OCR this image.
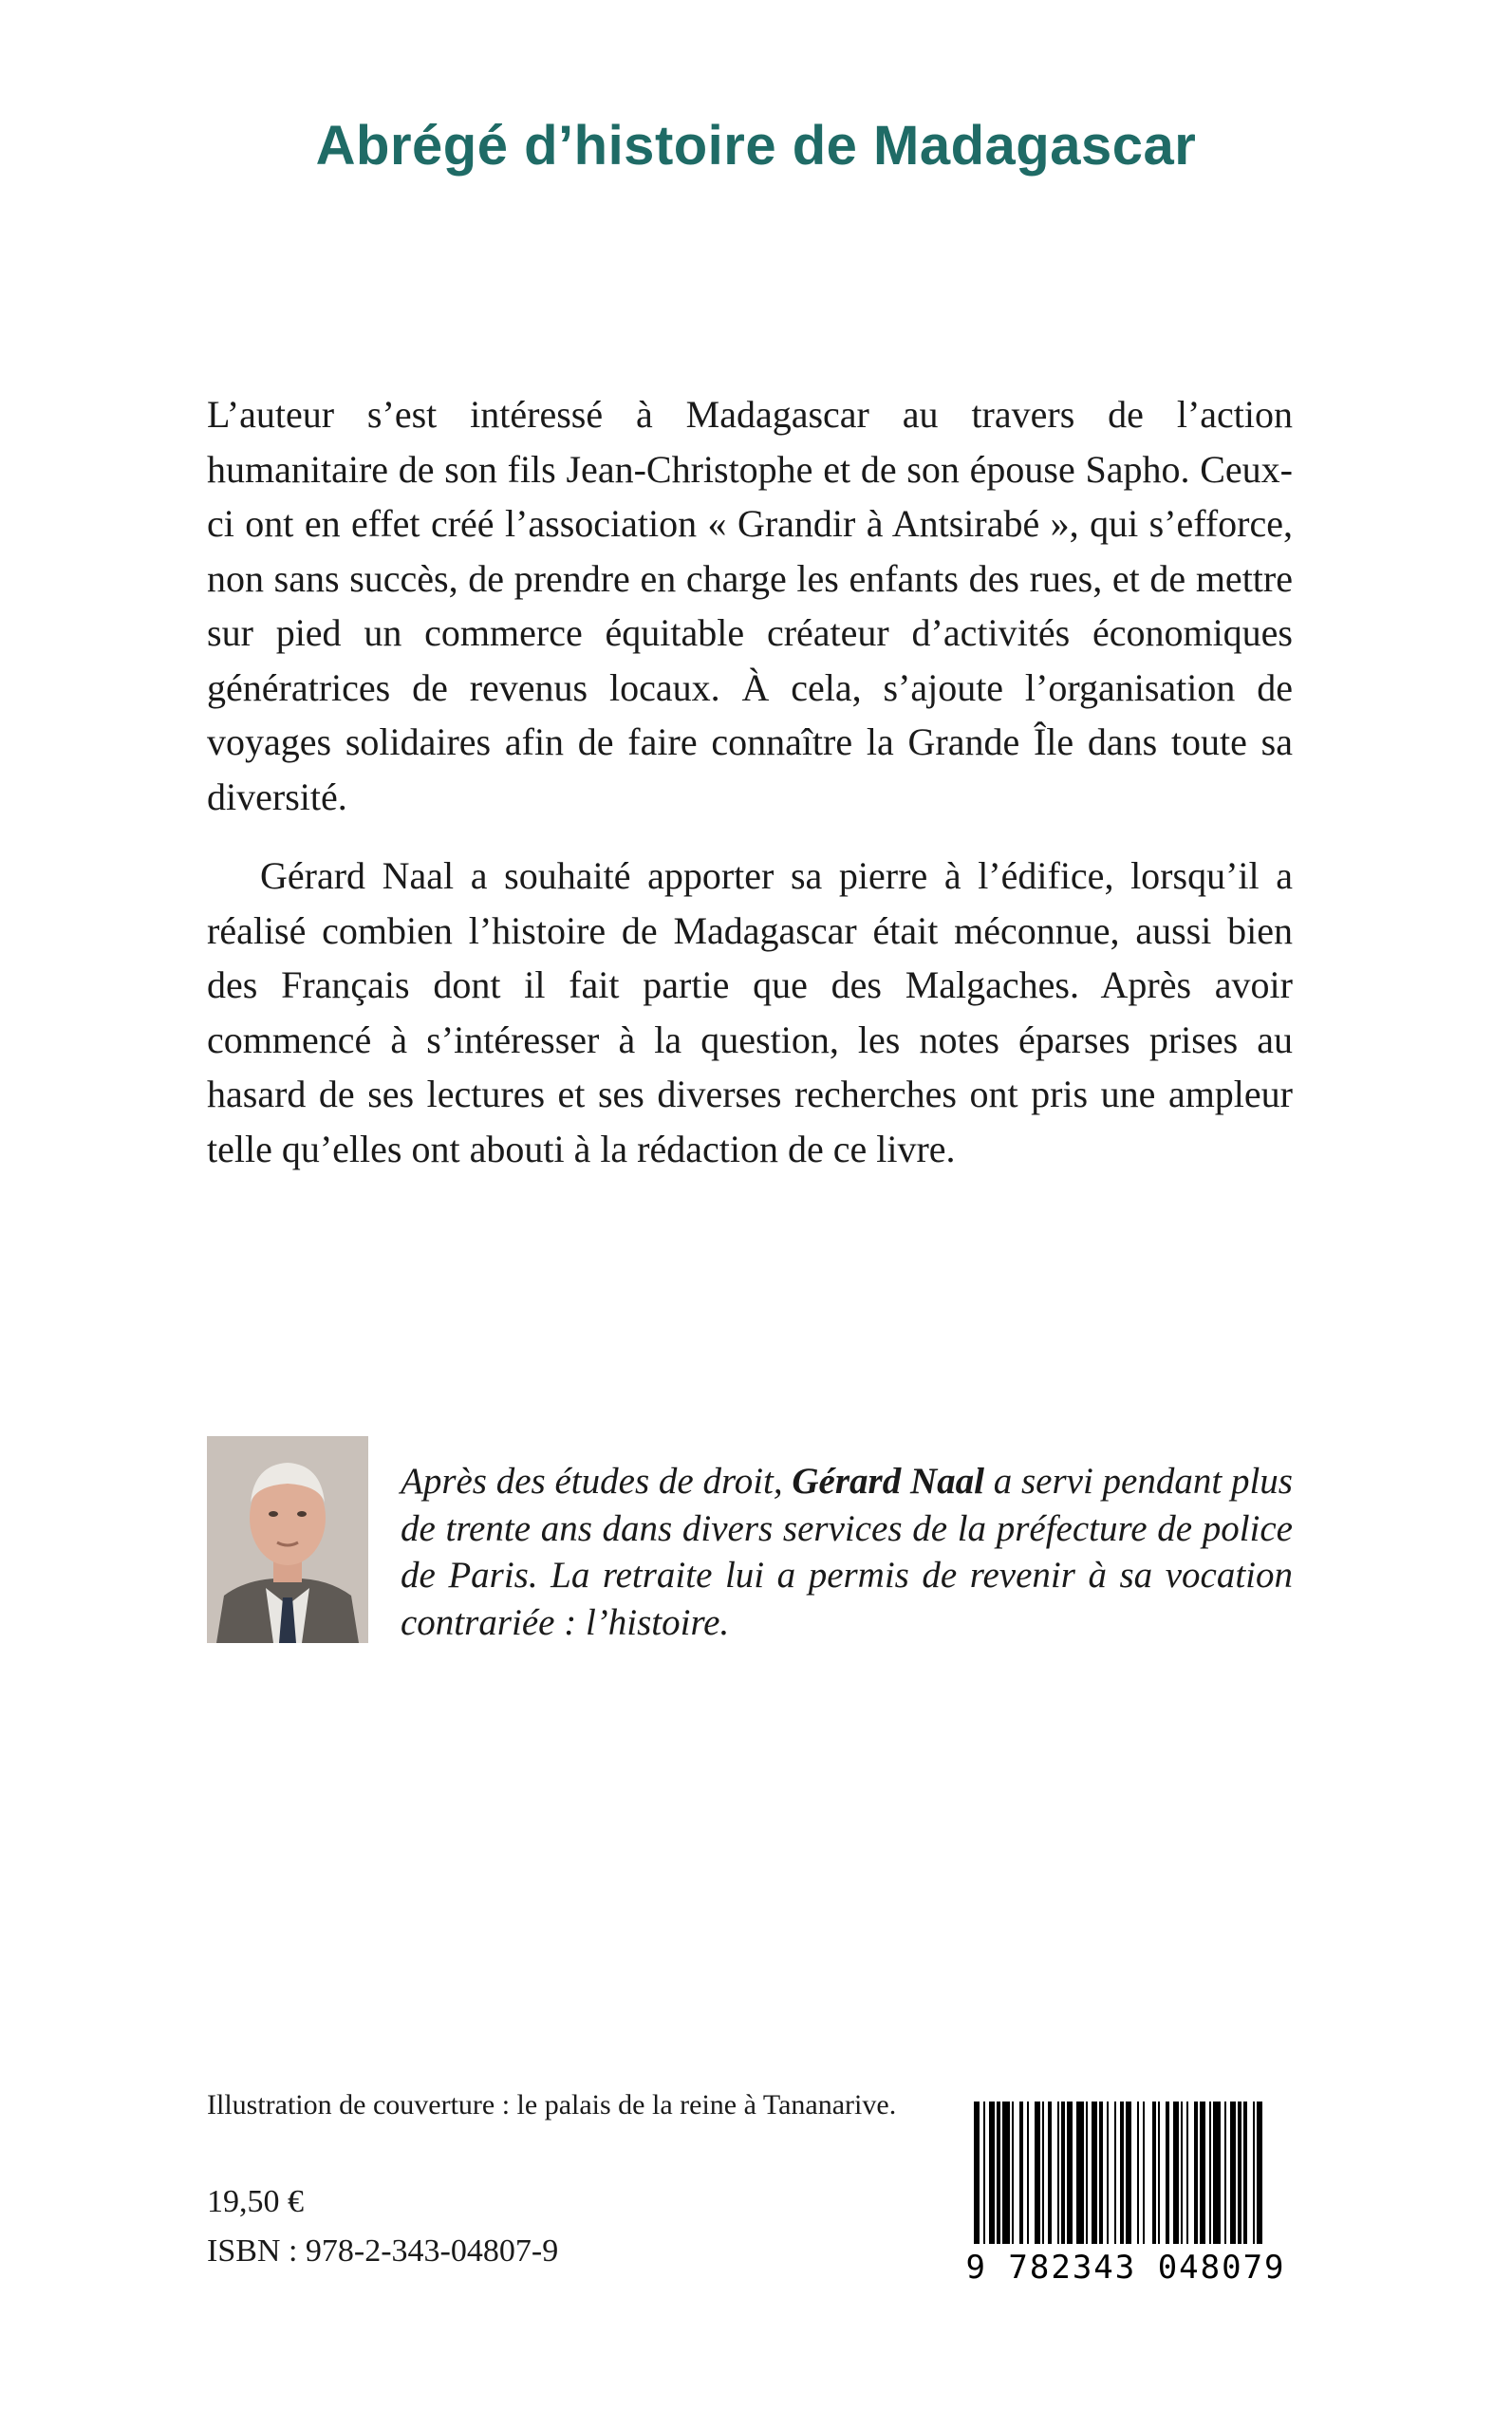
Abrégé d’histoire de Madagascar

L’auteur s’est intéressé à Madagascar au travers de l’action humanitaire de son fils Jean-Christophe et de son épouse Sapho. Ceux-ci ont en effet créé l’association « Grandir à Antsirabé », qui s’efforce, non sans succès, de prendre en charge les enfants des rues, et de mettre sur pied un commerce équitable créateur d’activités économiques génératrices de revenus locaux. À cela, s’ajoute l’organisation de voyages solidaires afin de faire connaître la Grande Île dans toute sa diversité.

Gérard Naal a souhaité apporter sa pierre à l’édifice, lorsqu’il a réalisé combien l’histoire de Madagascar était méconnue, aussi bien des Français dont il fait partie que des Malgaches. Après avoir commencé à s’intéresser à la question, les notes éparses prises au hasard de ses lectures et ses diverses recherches ont pris une ampleur telle qu’elles ont abouti à la rédaction de ce livre.

Après des études de droit, Gérard Naal a servi pendant plus de trente ans dans divers services de la préfecture de police de Paris. La retraite lui a permis de revenir à sa vocation contrariée : l’histoire.
Illustration de couverture : le palais de la reine à Tananarive.
19,50 €
ISBN : 978-2-343-04807-9	9 782343 048079
